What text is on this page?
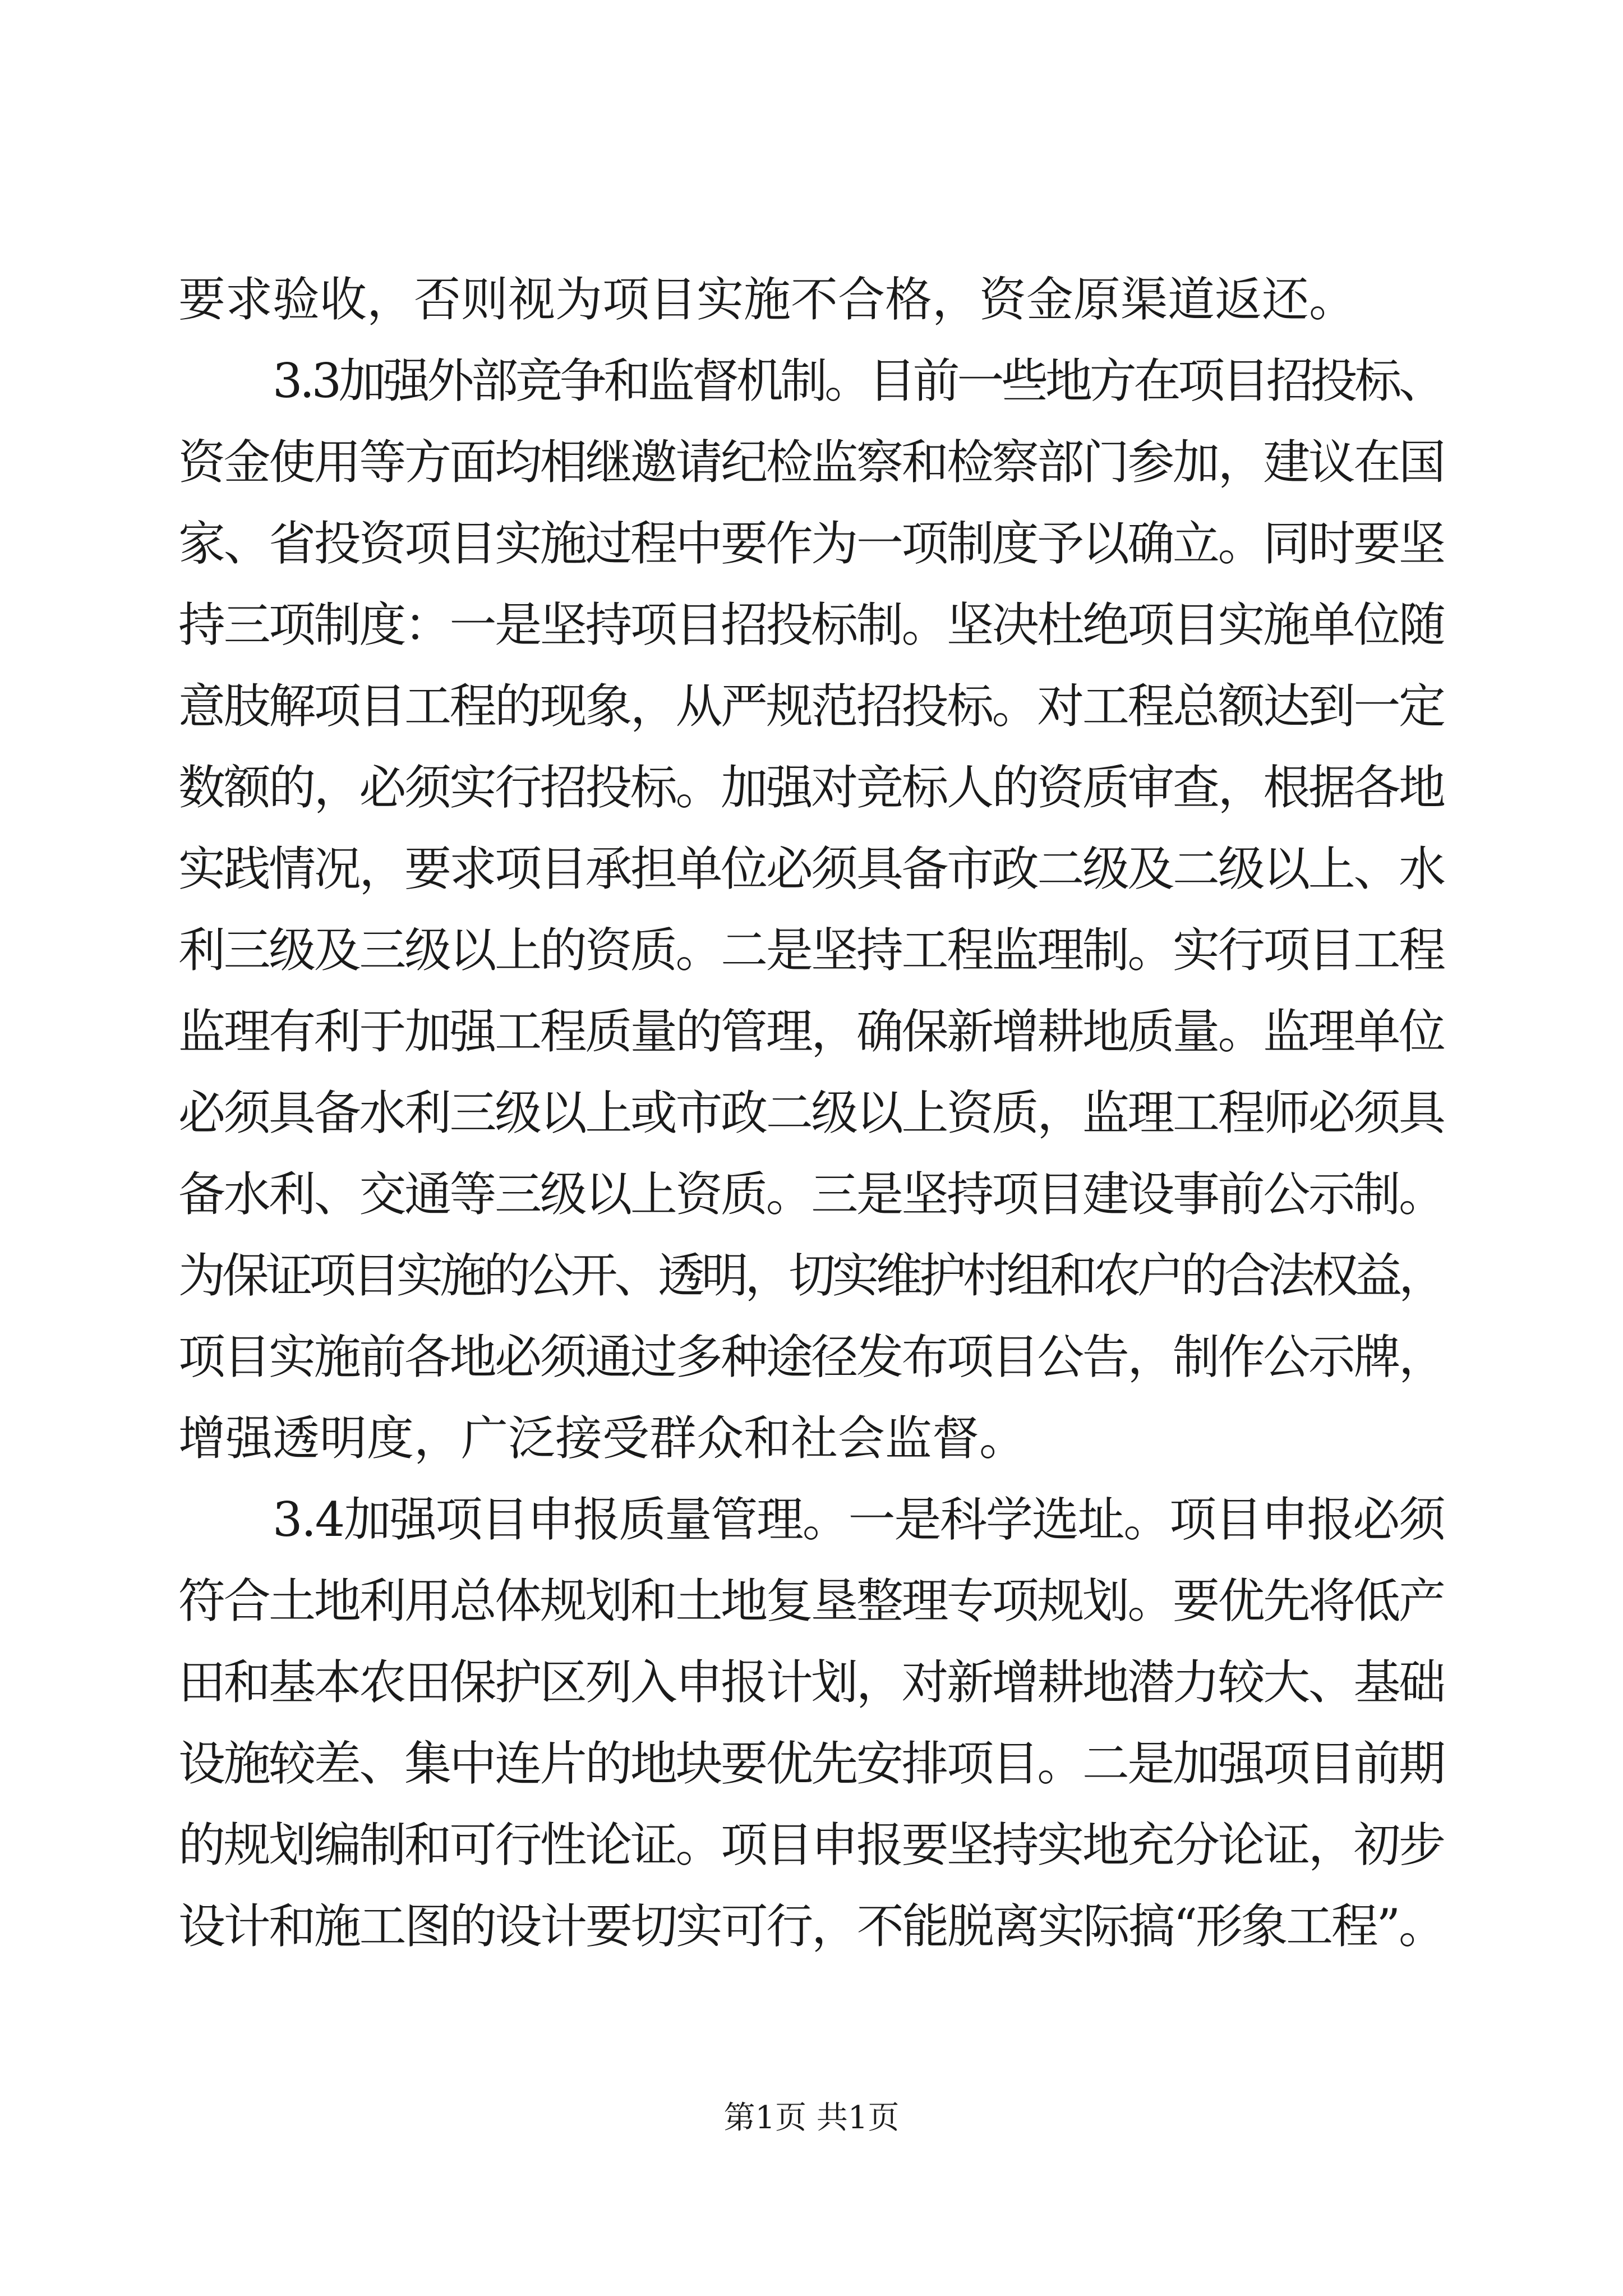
要求验收，否则视为项目实施不合格，资金原渠道返还。
3.3加强外部竞争和监督机制。目前一些地方在项目招投标、
资金使用等方面均相继邀请纪检监察和检察部门参加，建议在国
家、省投资项目实施过程中要作为一项制度予以确立。同时要坚
持三项制度：一是坚持项目招投标制。坚决杜绝项目实施单位随
意肢解项目工程的现象，从严规范招投标。对工程总额达到一定
数额的，必须实行招投标。加强对竞标人的资质审查，根据各地
实践情况，要求项目承担单位必须具备市政二级及二级以上、水
利三级及三级以上的资质。二是坚持工程监理制。实行项目工程
监理有利于加强工程质量的管理，确保新增耕地质量。监理单位
必须具备水利三级以上或市政二级以上资质，监理工程师必须具
备水利、交通等三级以上资质。三是坚持项目建设事前公示制。
为保证项目实施的公开、透明，切实维护村组和农户的合法权益，
项目实施前各地必须通过多种途径发布项目公告，制作公示牌，
增强透明度，广泛接受群众和社会监督。
3.4加强项目申报质量管理。一是科学选址。项目申报必须
符合土地利用总体规划和土地复垦整理专项规划。要优先将低产
田和基本农田保护区列入申报计划，对新增耕地潜力较大、基础
设施较差、集中连片的地块要优先安排项目。二是加强项目前期
的规划编制和可行性论证。项目申报要坚持实地充分论证，初步
设计和施工图的设计要切实可行，不能脱离实际搞“形象工程”。
第1页 共1页
